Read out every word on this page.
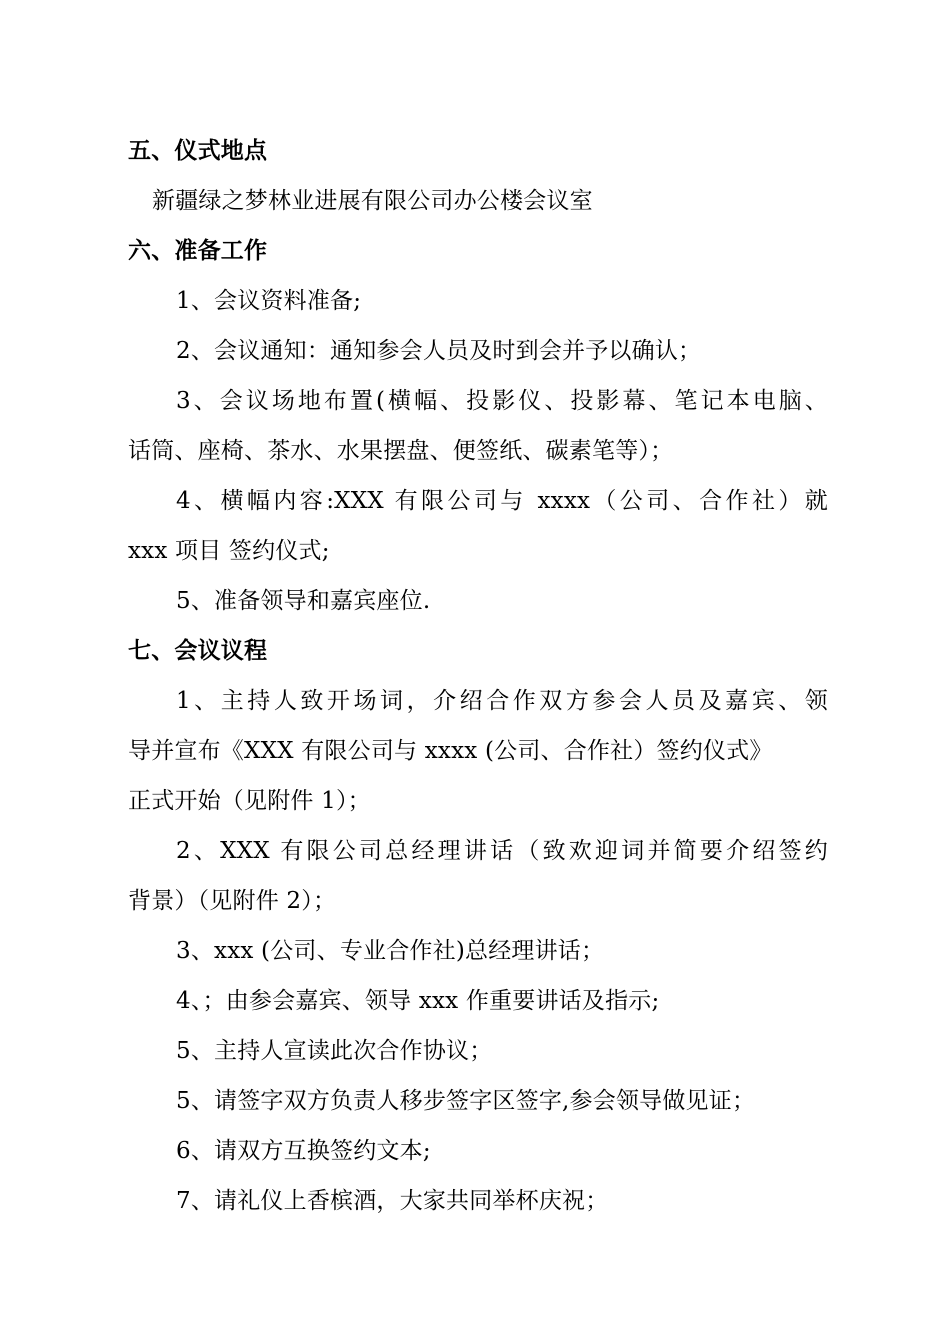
五、仪式地点
新疆绿之梦林业进展有限公司办公楼会议室
六、准备工作
1、会议资料准备;
2、会议通知：通知参会人员及时到会并予以确认；
3、会议场地布置(横幅、投影仪、投影幕、笔记本电脑、
话筒、座椅、茶水、水果摆盘、便签纸、碳素笔等）；
4、横幅内容:XXX 有限公司与 xxxx（公司、合作社）就
xxx 项目 签约仪式;
5、准备领导和嘉宾座位.
七、会议议程
1、主持人致开场词，介绍合作双方参会人员及嘉宾、领
导并宣布《XXX 有限公司与 xxxx (公司、合作社）签约仪式》
正式开始（见附件 1）；
2、XXX 有限公司总经理讲话（致欢迎词并简要介绍签约
背景）（见附件 2）；
3、xxx (公司、专业合作社)总经理讲话；
4、；由参会嘉宾、领导 xxx 作重要讲话及指示;
5、主持人宣读此次合作协议；
5、请签字双方负责人移步签字区签字,参会领导做见证；
6、请双方互换签约文本;
7、请礼仪上香槟酒，大家共同举杯庆祝；
